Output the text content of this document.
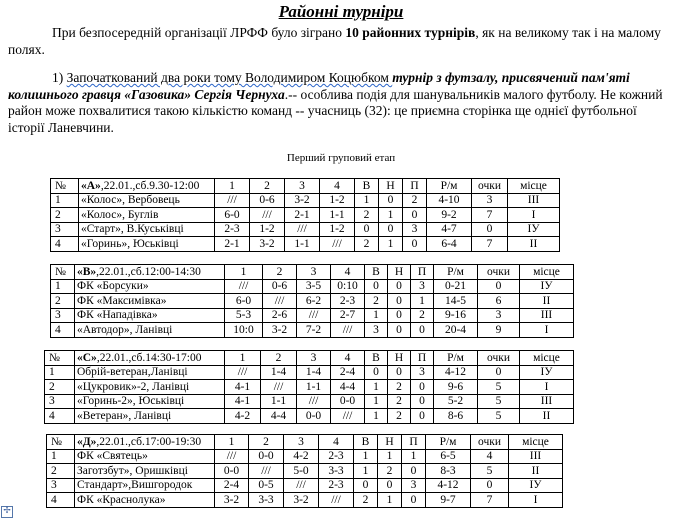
Районні турніри
При безпосередній організації ЛРФФ було зіграно 10 районних турнірів, як на великому так і на малому полях.
1) Започаткований два роки тому Володимиром Коцюбком турнір з футзалу, присвячений пам'яті колишнього гравця «Газовика» Сергія Чернуха.-- особлива подія для шанувальників малого футболу. Не кожний район може похвалитися такою кількістю команд -- учасниць (32): це приємна сторінка ще однієї футбольної історії Ланевчини.
Перший груповий етап
№	«А»,22.01.,сб.9.30-12:00	1	2	3	4	В	Н	П	Р/м	очки	місце
1	«Колос», Вербовець	///	0-6	3-2	1-2	1	0	2	4-10	3	ІІІ
2	«Колос», Буглів	6-0	///	2-1	1-1	2	1	0	9-2	7	І
3	«Старт», В.Куськівці	2-3	1-2	///	1-2	0	0	3	4-7	0	ІУ
4	«Горинь», Юськівці	2-1	3-2	1-1	///	2	1	0	6-4	7	ІІ
№	«В»,22.01.,сб.12:00-14:30	1	2	3	4	В	Н	П	Р/м	очки	місце
1	ФК «Борсуки»	///	0-6	3-5	0:10	0	0	3	0-21	0	ІУ
2	ФК «Максимівка»	6-0	///	6-2	2-3	2	0	1	14-5	6	ІІ
3	ФК «Нападівка»	5-3	2-6	///	2-7	1	0	2	9-16	3	ІІІ
4	«Автодор», Ланівці	10:0	3-2	7-2	///	3	0	0	20-4	9	І
№	«С»,22.01.,сб.14:30-17:00	1	2	3	4	В	Н	П	Р/м	очки	місце
1	Обрій-ветеран,Ланівці	///	1-4	1-4	2-4	0	0	3	4-12	0	ІУ
2	«Цукровик»-2, Ланівці	4-1	///	1-1	4-4	1	2	0	9-6	5	І
3	«Горинь-2», Юськівці	4-1	1-1	///	0-0	1	2	0	5-2	5	ІІІ
4	«Ветеран», Ланівці	4-2	4-4	0-0	///	1	2	0	8-6	5	ІІ
№	«Д»,22.01.,сб.17:00-19:30	1	2	3	4	В	Н	П	Р/м	очки	місце
1	ФК «Святець»	///	0-0	4-2	2-3	1	1	1	6-5	4	ІІІ
2	Заготзбут», Оришківці	0-0	///	5-0	3-3	1	2	0	8-3	5	ІІ
3	Стандарт»,Вишгородок	2-4	0-5	///	2-3	0	0	3	4-12	0	ІУ
4	ФК «Краснолука»	3-2	3-3	3-2	///	2	1	0	9-7	7	І
✢
